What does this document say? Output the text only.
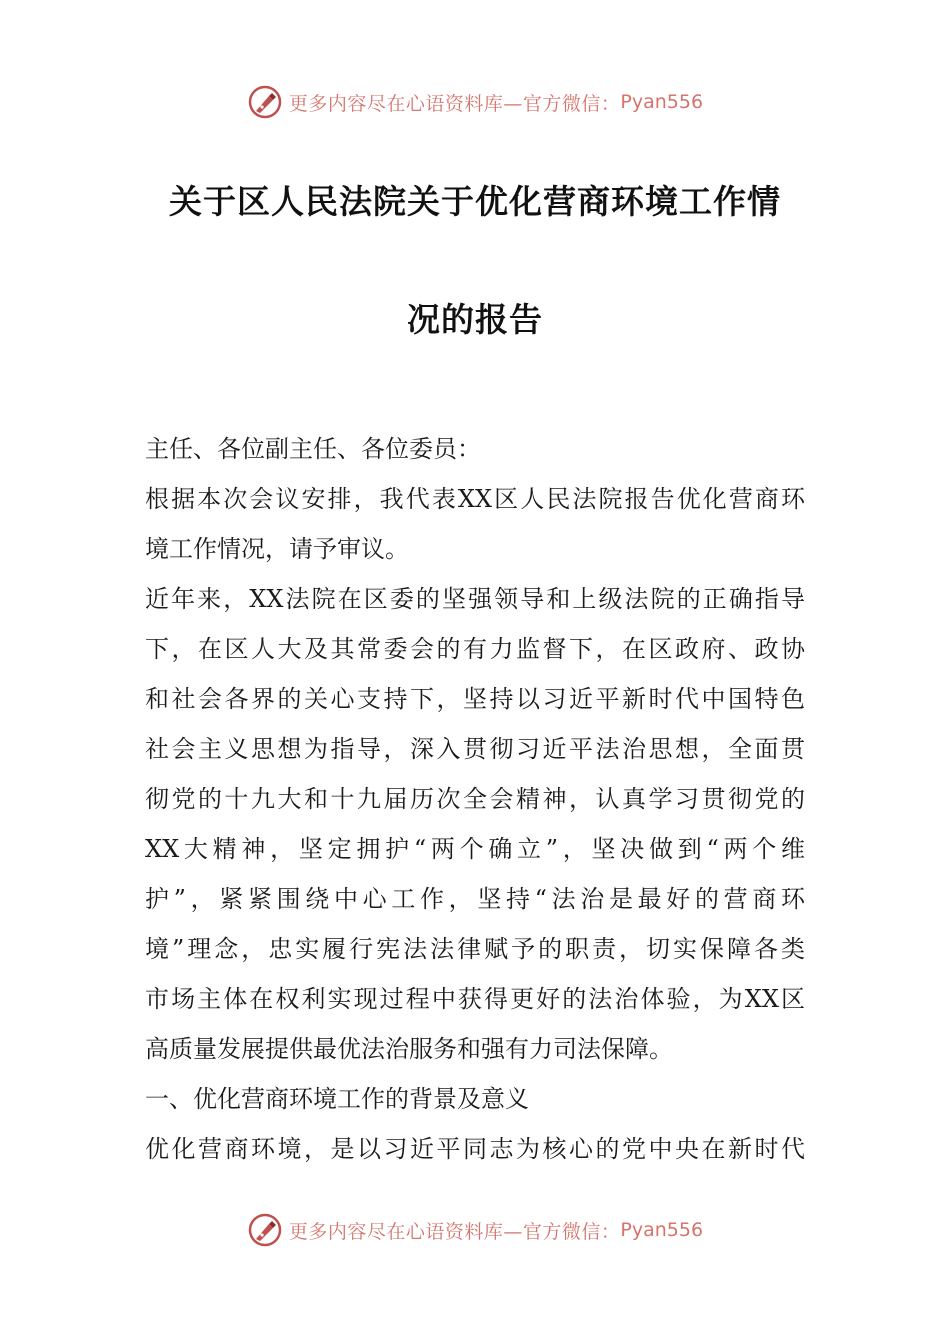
更多内容尽在心语资料库—官方微信： Pyan556
关于区人民法院关于优化营商环境工作情
况的报告
主任、各位副主任、各位委员：
根据本次会议安排，我代表XX区人民法院报告优化营商环
境工作情况，请予审议。
近年来，XX法院在区委的坚强领导和上级法院的正确指导
下，在区人大及其常委会的有力监督下，在区政府、政协
和社会各界的关心支持下，坚持以习近平新时代中国特色
社会主义思想为指导，深入贯彻习近平法治思想，全面贯
彻党的十九大和十九届历次全会精神，认真学习贯彻党的
XX大精神，坚定拥护“两个确立”，坚决做到“两个维
护”，紧紧围绕中心工作，坚持“法治是最好的营商环
境”理念，忠实履行宪法法律赋予的职责，切实保障各类
市场主体在权利实现过程中获得更好的法治体验，为XX区
高质量发展提供最优法治服务和强有力司法保障。
一、优化营商环境工作的背景及意义
优化营商环境，是以习近平同志为核心的党中央在新时代
更多内容尽在心语资料库—官方微信： Pyan556
